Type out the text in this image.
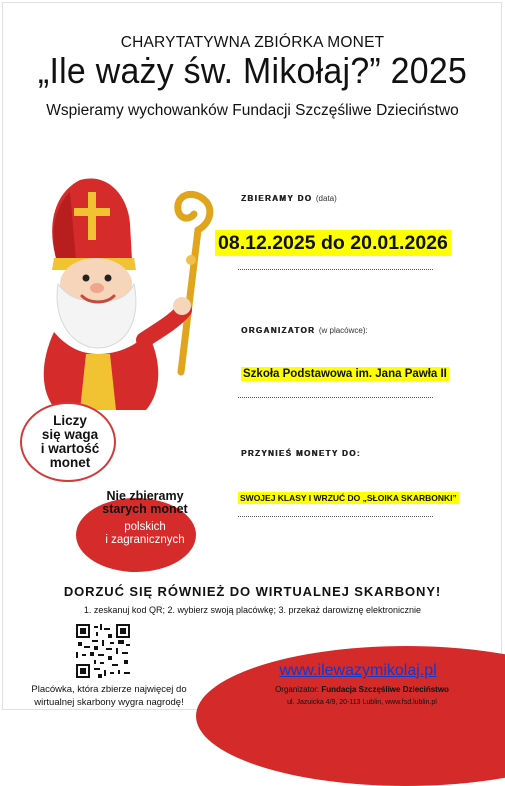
CHARYTATYWNA ZBIÓRKA MONET
„Ile waży św. Mikołaj?” 2025
Wspieramy wychowanków Fundacji Szczęśliwe Dzieciństwo
ZBIERAMY DO (data)
08.12.2025 do 20.01.2026
ORGANIZATOR (w placówce):
Szkoła Podstawowa im. Jana Pawła II
PRZYNIEŚ MONETY DO:
SWOJEJ KLASY I WRZUĆ DO „SŁOIKA SKARBONKI”
Liczy
się waga
i wartość
monet
Nie zbieramy
starych monet
polskich
i zagranicznych
DORZUĆ SIĘ RÓWNIEŻ DO WIRTUALNEJ SKARBONY!
1. zeskanuj kod QR; 2. wybierz swoją placówkę; 3. przekaż darowiznę elektronicznie
Placówka, która zbierze najwięcej do
wirtualnej skarbony wygra nagrodę!
www.ilewazymikolaj.pl
Organizator: Fundacja Szczęśliwe Dzieciństwo
ul. Jazuicka 4/9, 20-113 Lublin, www.fsd.lublin.pl
